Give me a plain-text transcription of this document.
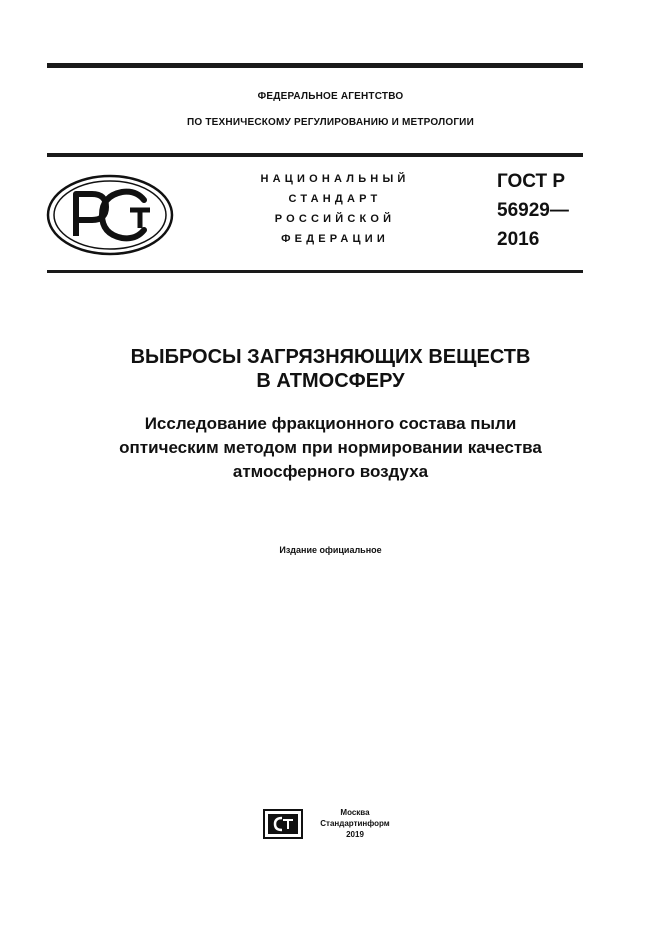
ФЕДЕРАЛЬНОЕ АГЕНТСТВО
ПО ТЕХНИЧЕСКОМУ РЕГУЛИРОВАНИЮ И МЕТРОЛОГИИ
НАЦИОНАЛЬНЫЙ
СТАНДАРТ
РОССИЙСКОЙ
ФЕДЕРАЦИИ
ГОСТ Р
56929—
2016
ВЫБРОСЫ ЗАГРЯЗНЯЮЩИХ ВЕЩЕСТВ
В АТМОСФЕРУ
Исследование фракционного состава пыли
оптическим методом при нормировании качества
атмосферного воздуха
Издание официальное
Москва
Стандартинформ
2019
